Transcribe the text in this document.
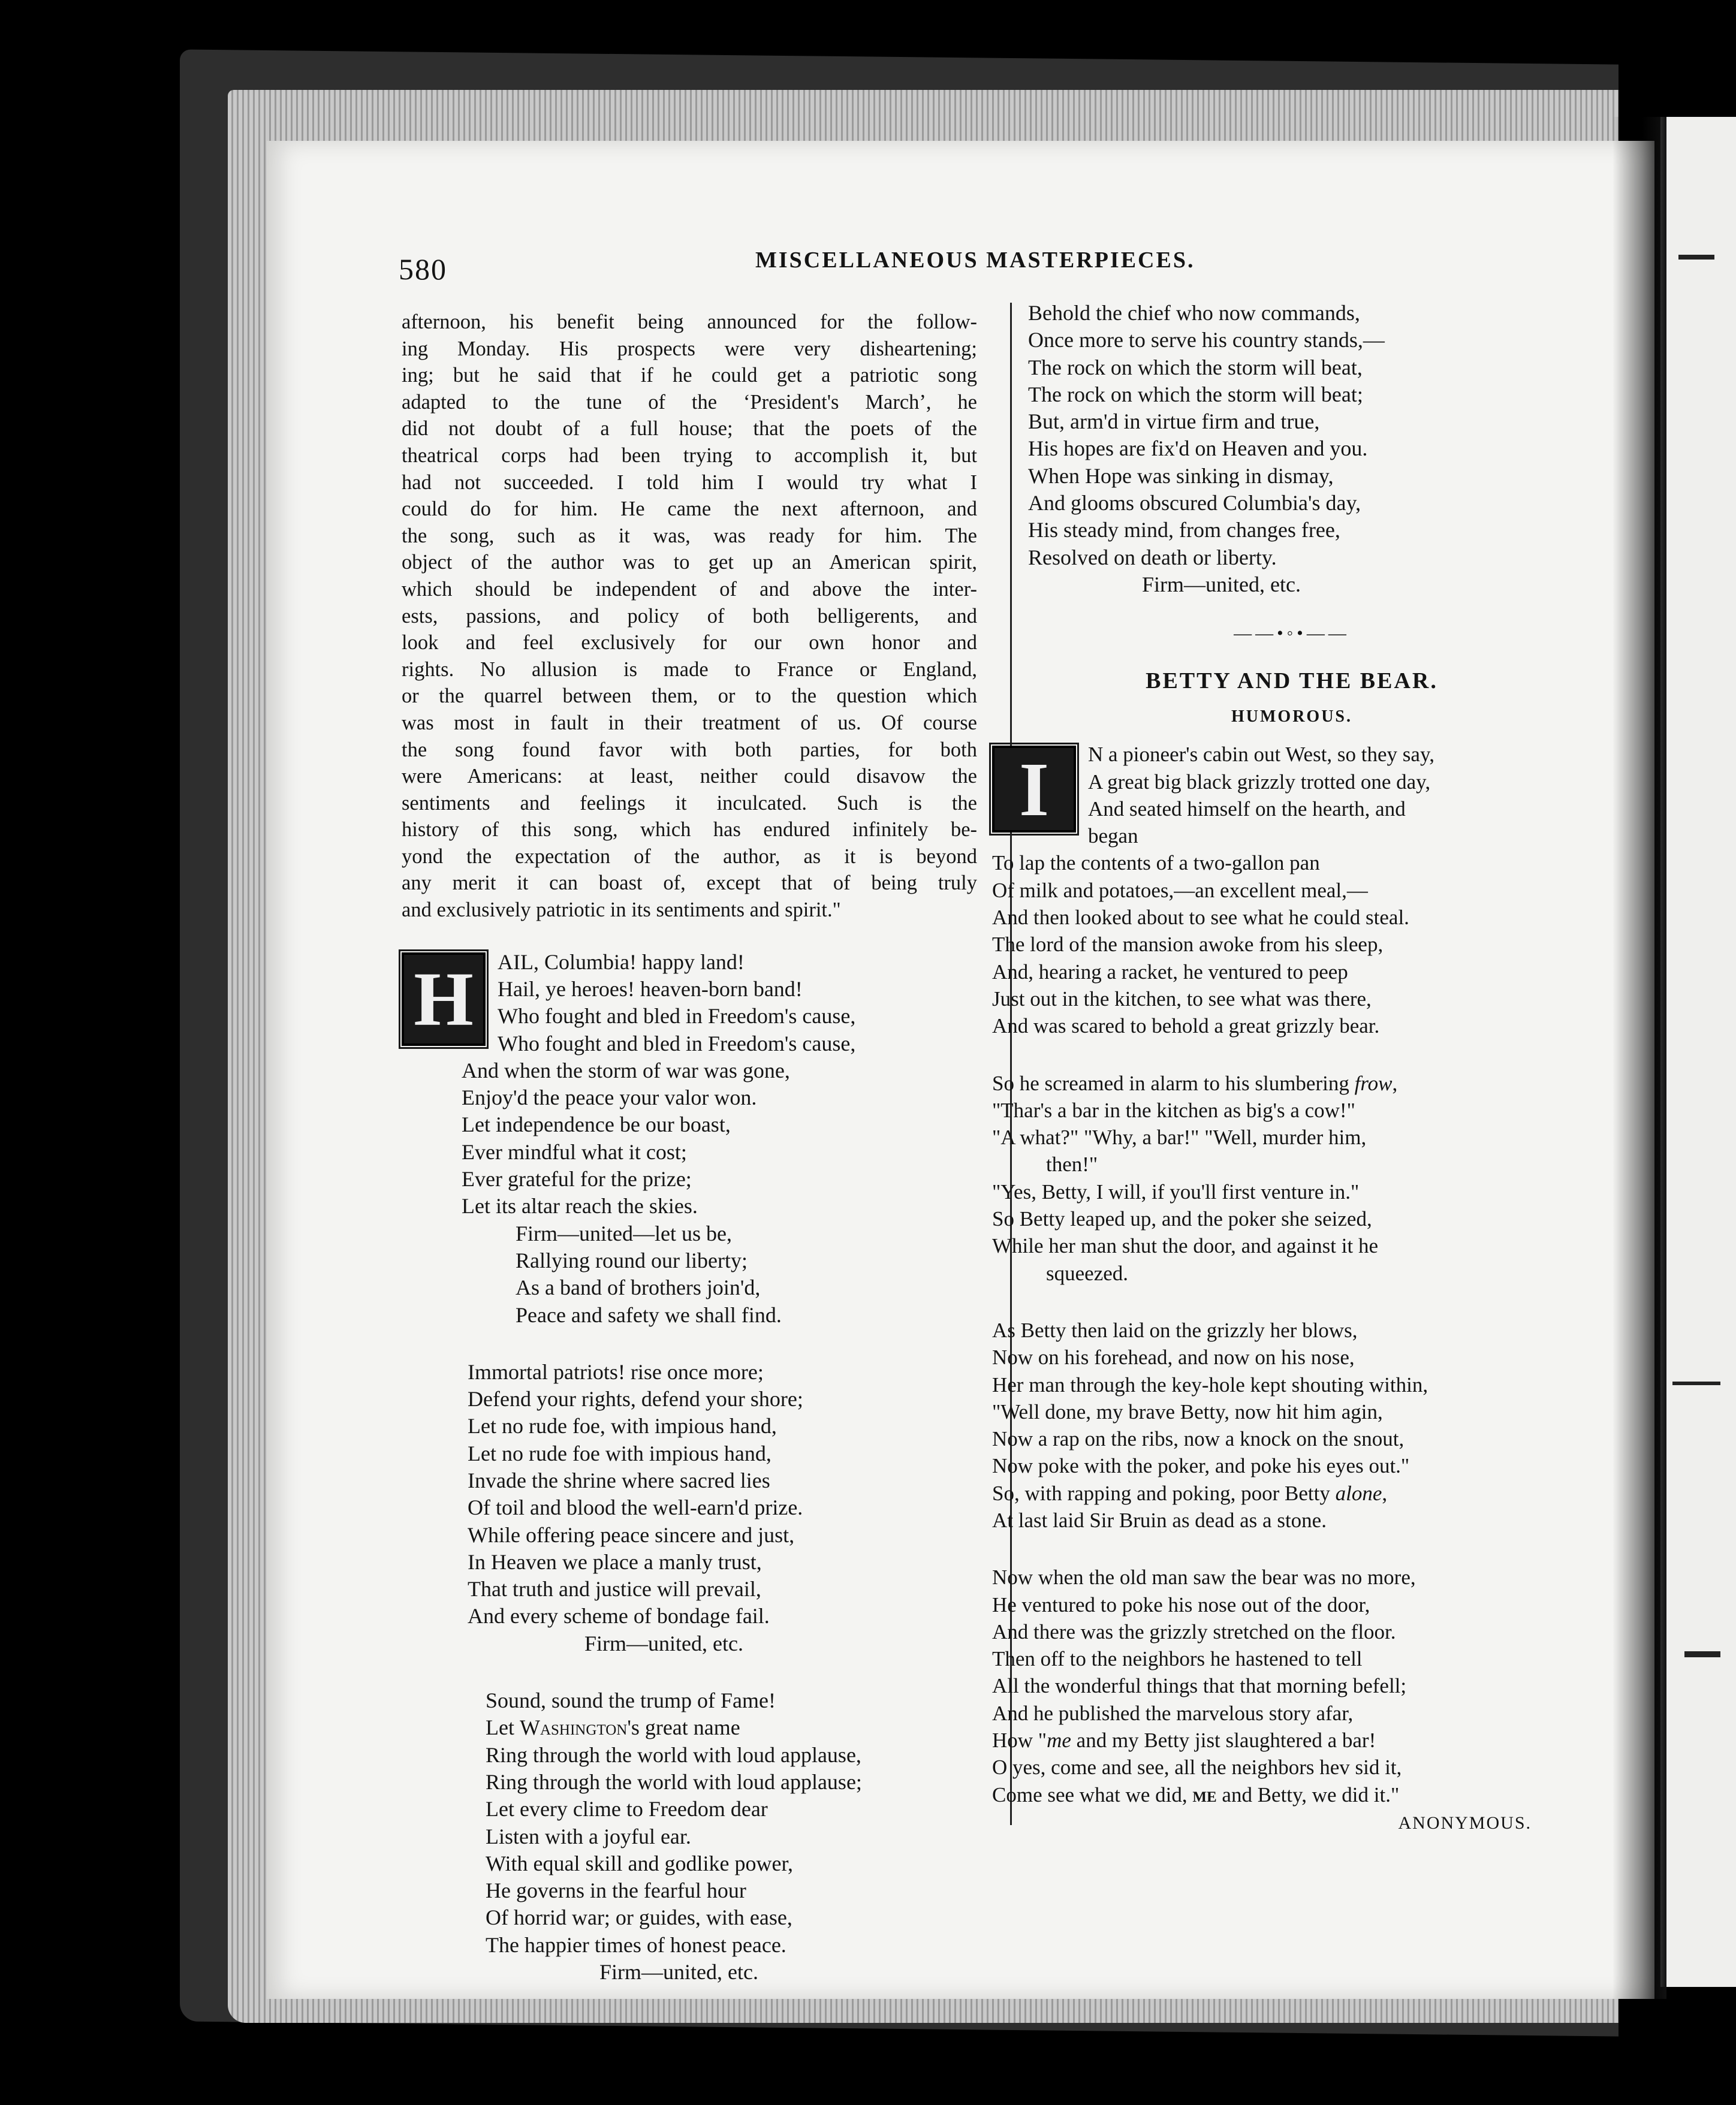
580	MISCELLANEOUS MASTERPIECES.

afternoon, his benefit being announced for the follow-

ing Monday. His prospects were very disheartening;

ing; but he said that if he could get a patriotic song

adapted to the tune of the ‘President's March’, he

did not doubt of a full house; that the poets of the

theatrical corps had been trying to accomplish it, but

had not succeeded. I told him I would try what I

could do for him. He came the next afternoon, and

the song, such as it was, was ready for him. The

object of the author was to get up an American spirit,

which should be independent of and above the inter-

ests, passions, and policy of both belligerents, and

look and feel exclusively for our own honor and

rights. No allusion is made to France or England,

or the quarrel between them, or to the question which

was most in fault in their treatment of us. Of course

the song found favor with both parties, for both

were Americans: at least, neither could disavow the

sentiments and feelings it inculcated. Such is the

history of this song, which has endured infinitely be-

yond the expectation of the author, as it is beyond

any merit it can boast of, except that of being truly

and exclusively patriotic in its sentiments and spirit."

H	AIL, Columbia! happy land!
Hail, ye heroes! heaven-born band!
Who fought and bled in Freedom's cause,
Who fought and bled in Freedom's cause,
And when the storm of war was gone,
Enjoy'd the peace your valor won.
Let independence be our boast,
Ever mindful what it cost;
Ever grateful for the prize;
Let its altar reach the skies.
Firm—united—let us be,
Rallying round our liberty;
As a band of brothers join'd,
Peace and safety we shall find.
Immortal patriots! rise once more;
Defend your rights, defend your shore;
Let no rude foe, with impious hand,
Let no rude foe with impious hand,
Invade the shrine where sacred lies
Of toil and blood the well-earn'd prize.
While offering peace sincere and just,
In Heaven we place a manly trust,
That truth and justice will prevail,
And every scheme of bondage fail.
Firm—united, etc.
Sound, sound the trump of Fame!
Let Washington's great name
Ring through the world with loud applause,
Ring through the world with loud applause;
Let every clime to Freedom dear
Listen with a joyful ear.
With equal skill and godlike power,
He governs in the fearful hour
Of horrid war; or guides, with ease,
The happier times of honest peace.
Firm—united, etc.
Behold the chief who now commands,
Once more to serve his country stands,—
The rock on which the storm will beat,
The rock on which the storm will beat;
But, arm'd in virtue firm and true,
His hopes are fix'd on Heaven and you.
When Hope was sinking in dismay,
And glooms obscured Columbia's day,
His steady mind, from changes free,
Resolved on death or liberty.
Firm—united, etc.
——•◦•——
BETTY AND THE BEAR.
HUMOROUS.
I	N a pioneer's cabin out West, so they say,
A great big black grizzly trotted one day,
And seated himself on the hearth, and
began
To lap the contents of a two-gallon pan
Of milk and potatoes,—an excellent meal,—
And then looked about to see what he could steal.
The lord of the mansion awoke from his sleep,
And, hearing a racket, he ventured to peep
Just out in the kitchen, to see what was there,
And was scared to behold a great grizzly bear.
So he screamed in alarm to his slumbering frow,
"Thar's a bar in the kitchen as big's a cow!"
"A what?" "Why, a bar!" "Well, murder him,
then!"
"Yes, Betty, I will, if you'll first venture in."
So Betty leaped up, and the poker she seized,
While her man shut the door, and against it he
squeezed.
As Betty then laid on the grizzly her blows,
Now on his forehead, and now on his nose,
Her man through the key-hole kept shouting within,
"Well done, my brave Betty, now hit him agin,
Now a rap on the ribs, now a knock on the snout,
Now poke with the poker, and poke his eyes out."
So, with rapping and poking, poor Betty alone,
At last laid Sir Bruin as dead as a stone.
Now when the old man saw the bear was no more,
He ventured to poke his nose out of the door,
And there was the grizzly stretched on the floor.
Then off to the neighbors he hastened to tell
All the wonderful things that that morning befell;
And he published the marvelous story afar,
How "me and my Betty jist slaughtered a bar!
O yes, come and see, all the neighbors hev sid it,
Come see what we did, me and Betty, we did it."
ANONYMOUS.
